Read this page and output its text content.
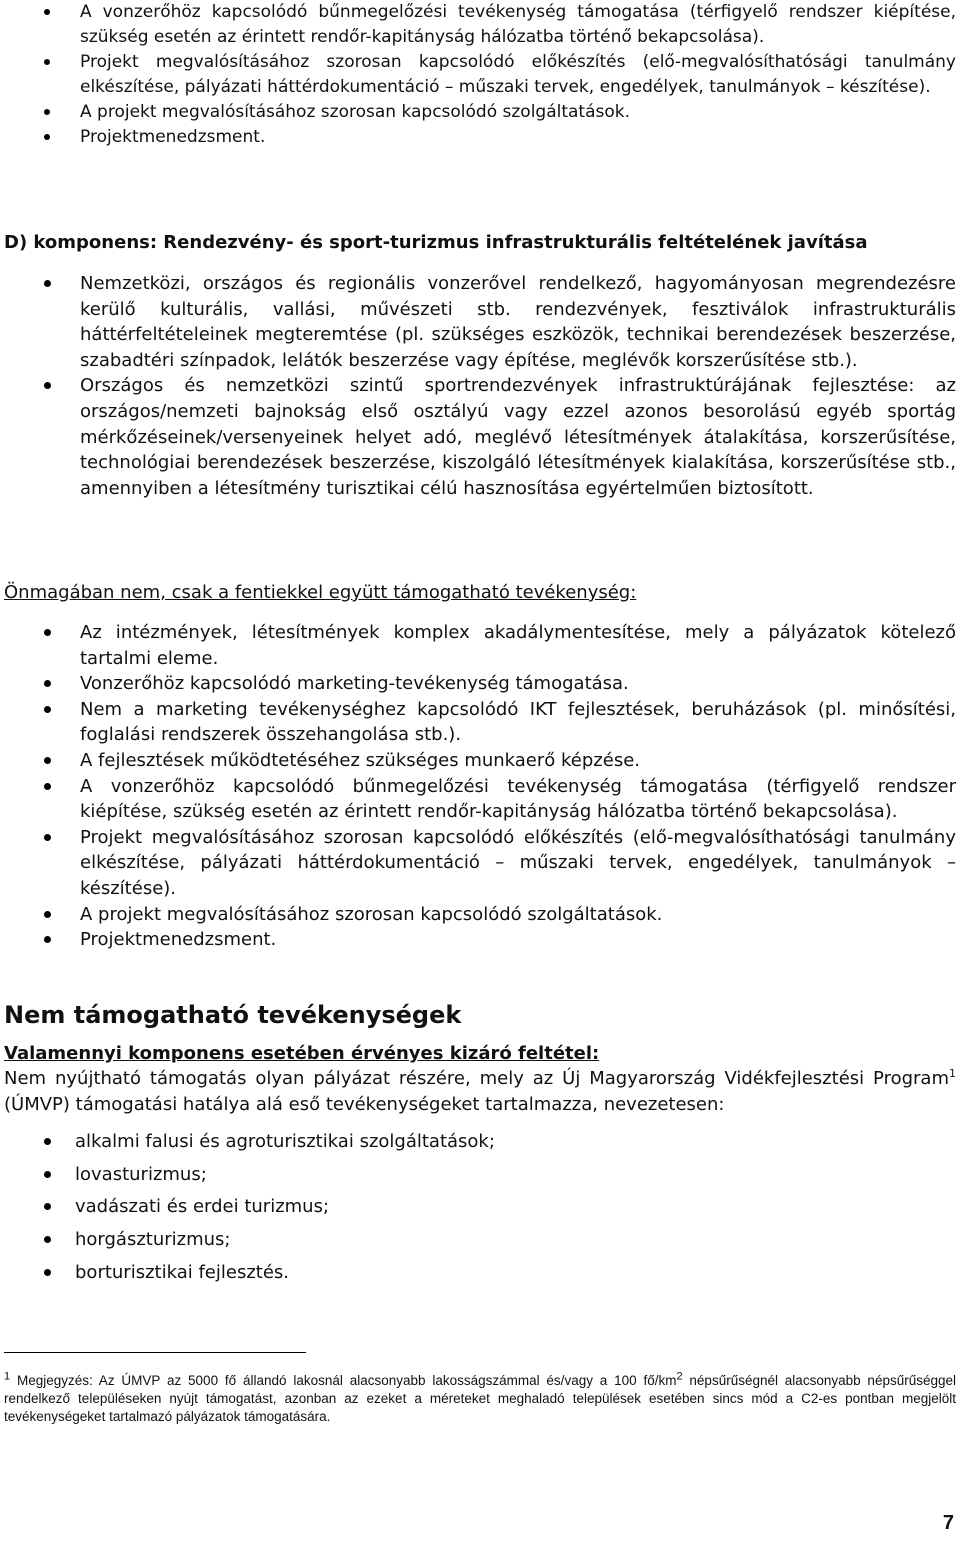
A vonzerőhöz kapcsolódó bűnmegelőzési tevékenység támogatása (térfigyelő rendszer kiépítése, szükség esetén az érintett rendőr-kapitányság hálózatba történő bekapcsolása).
Projekt megvalósításához szorosan kapcsolódó előkészítés (elő-megvalósíthatósági tanulmány elkészítése, pályázati háttérdokumentáció – műszaki tervek, engedélyek, tanulmányok – készítése).
A projekt megvalósításához szorosan kapcsolódó szolgáltatások.
Projektmenedzsment.

D) komponens: Rendezvény- és sport-turizmus infrastrukturális feltételének javítása

Nemzetközi, országos és regionális vonzerővel rendelkező, hagyományosan megrendezésre kerülő kulturális, vallási, művészeti stb. rendezvények, fesztiválok infrastrukturális háttérfeltételeinek megteremtése (pl. szükséges eszközök, technikai berendezések beszerzése, szabadtéri színpadok, lelátók beszerzése vagy építése, meglévők korszerűsítése stb.).
Országos és nemzetközi szintű sportrendezvények infrastruktúrájának fejlesztése: az országos/nemzeti bajnokság első osztályú vagy ezzel azonos besorolású egyéb sportág mérkőzéseinek/versenyeinek helyet adó, meglévő létesítmények átalakítása, korszerűsítése, technológiai berendezések beszerzése, kiszolgáló létesítmények kialakítása, korszerűsítése stb., amennyiben a létesítmény turisztikai célú hasznosítása egyértelműen biztosított.

Önmagában nem, csak a fentiekkel együtt támogatható tevékenység:

Az intézmények, létesítmények komplex akadálymentesítése, mely a pályázatok kötelező tartalmi eleme.
Vonzerőhöz kapcsolódó marketing-tevékenység támogatása.
Nem a marketing tevékenységhez kapcsolódó IKT fejlesztések, beruházások (pl. minősítési, foglalási rendszerek összehangolása stb.).
A fejlesztések működtetéséhez szükséges munkaerő képzése.
A vonzerőhöz kapcsolódó bűnmegelőzési tevékenység támogatása (térfigyelő rendszer kiépítése, szükség esetén az érintett rendőr-kapitányság hálózatba történő bekapcsolása).
Projekt megvalósításához szorosan kapcsolódó előkészítés (elő-megvalósíthatósági tanulmány elkészítése, pályázati háttérdokumentáció – műszaki tervek, engedélyek, tanulmányok – készítése).
A projekt megvalósításához szorosan kapcsolódó szolgáltatások.
Projektmenedzsment.

Nem támogatható tevékenységek

Valamennyi komponens esetében érvényes kizáró feltétel:

Nem nyújtható támogatás olyan pályázat részére, mely az Új Magyarország Vidékfejlesztési Program$^1$ (ÚMVP) támogatási hatálya alá eső tevékenységeket tartalmazza, nevezetesen:

alkalmi falusi és agroturisztikai szolgáltatások;
lovasturizmus;
vadászati és erdei turizmus;
horgászturizmus;
borturisztikai fejlesztés.

$^1$ Megjegyzés: Az ÚMVP az 5000 fő állandó lakosnál alacsonyabb lakosságszámmal és/vagy a 100 $fő/km^2$ népsűrűségnél alacsonyabb népsűrűséggel rendelkező településeken nyújt támogatást, azonban az ezeket a méreteket meghaladó települések esetében sincs mód a C2-es pontban megjelölt tevékenységeket tartalmazó pályázatok támogatására.

7
